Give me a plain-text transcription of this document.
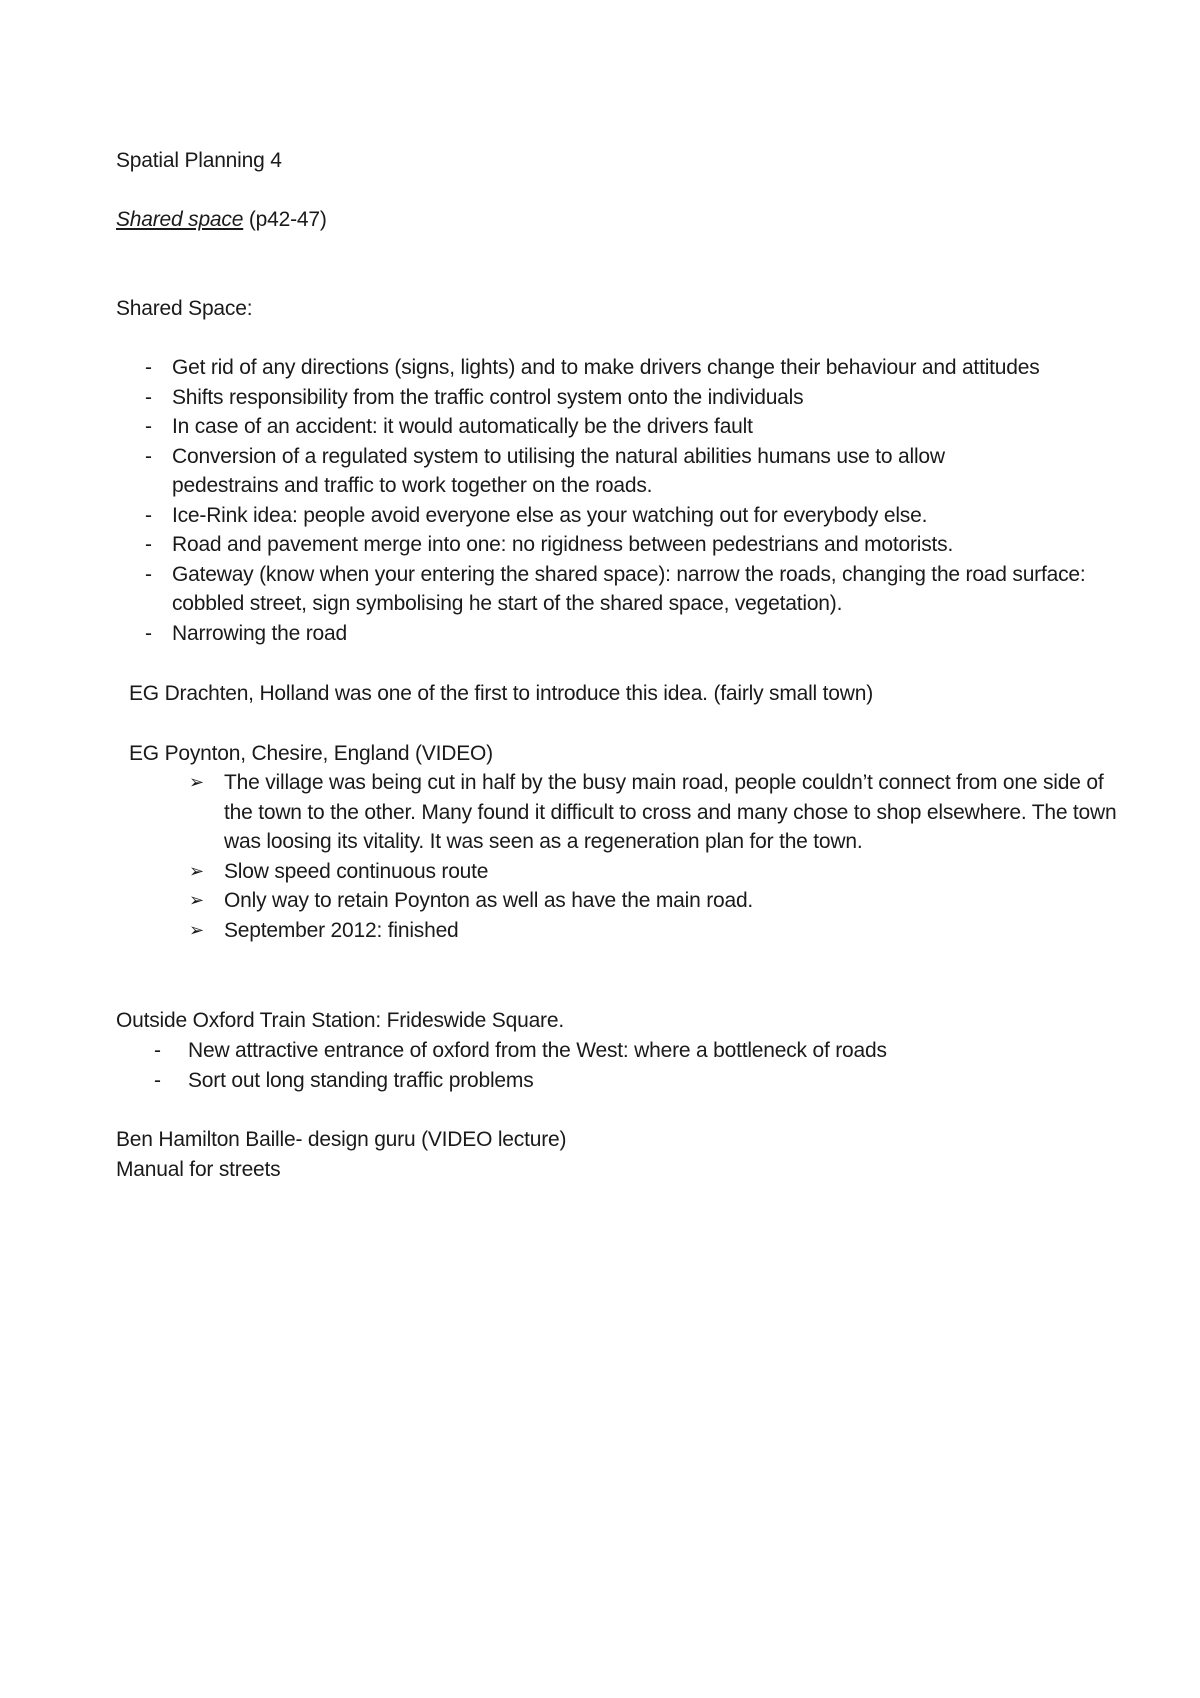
Spatial Planning 4
Shared space (p42-47)
Shared Space:
- Get rid of any directions (signs, lights) and to make drivers change their behaviour and attitudes
- Shifts responsibility from the traffic control system onto the individuals
- In case of an accident: it would automatically be the drivers fault
- Conversion of a regulated system to utilising the natural abilities humans use to allow pedestrains and traffic to work together on the roads.
- Ice-Rink idea: people avoid everyone else as your watching out for everybody else.
- Road and pavement merge into one: no rigidness between pedestrians and motorists.
- Gateway (know when your entering the shared space): narrow the roads, changing the road surface: cobbled street, sign symbolising he start of the shared space, vegetation).
- Narrowing the road
EG Drachten, Holland was one of the first to introduce this idea. (fairly small town)
EG Poynton, Chesire, England (VIDEO)
➢ The village was being cut in half by the busy main road, people couldn’t connect from one side of the town to the other. Many found it difficult to cross and many chose to shop elsewhere. The town was loosing its vitality. It was seen as a regeneration plan for the town.
➢ Slow speed continuous route
➢ Only way to retain Poynton as well as have the main road.
➢ September 2012: finished
Outside Oxford Train Station: Frideswide Square.
- New attractive entrance of oxford from the West: where a bottleneck of roads
- Sort out long standing traffic problems
Ben Hamilton Baille- design guru (VIDEO lecture)
Manual for streets
